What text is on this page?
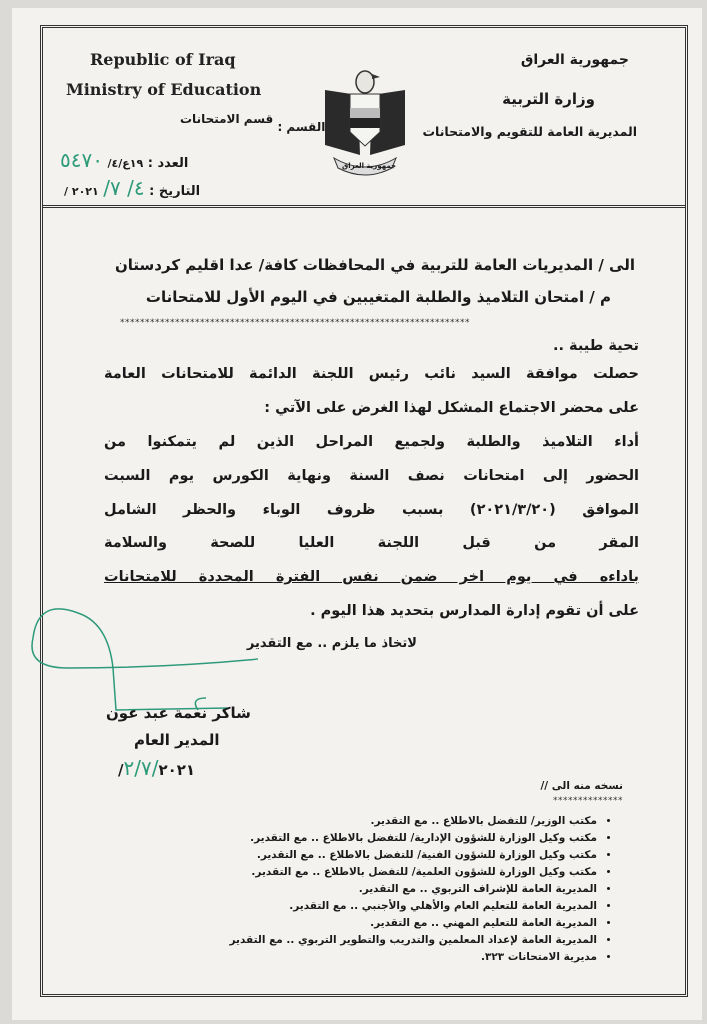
Republic of Iraq
Ministry of Education
جمهورية العراق
وزارة التربية
المديرية العامة للتقويم والامتحانات
جمهورية العراق
القسم : قسم الامتحانات
العدد : ١٩ع/٤/ ٥٤٧٠
التاريخ : ٤/ ٧/ ٢٠٢١ /
الى / المديريات العامة للتربية في المحافظات كافة/ عدا اقليم كردستان
م / امتحان التلاميذ والطلبة المتغيبين في اليوم الأول للامتحانات
**********************************************************************
تحية طيبة ..
حصلت موافقة السيد نائب رئيس اللجنة الدائمة للامتحانات العامة
على محضر الاجتماع المشكل لهذا الغرض على الآتي :
أداء التلاميذ والطلبة ولجميع المراحل الذين لم يتمكنوا من
الحضور إلى امتحانات نصف السنة ونهاية الكورس يوم السبت
الموافق (٢٠٢١/٣/٢٠) بسبب ظروف الوباء والحظر الشامل
المقر من قبل اللجنة العليا للصحة والسلامة
باداءه في يوم اخر ضمن نفس الفترة المحددة للامتحانات
على أن تقوم إدارة المدارس بتحديد هذا اليوم .
لاتخاذ ما يلزم .. مع التقدير
شاكر نعمة عبد عون
المدير العام
٢/٧/٢٠٢١/
نسخه منه الى //
**************
• مكتب الوزير/ للتفضل بالاطلاع .. مع التقدير.
• مكتب وكيل الوزارة للشؤون الإدارية/ للتفضل بالاطلاع .. مع التقدير.
• مكتب وكيل الوزارة للشؤون الفنية/ للتفضل بالاطلاع .. مع التقدير.
• مكتب وكيل الوزارة للشؤون العلمية/ للتفضل بالاطلاع .. مع التقدير.
• المديرية العامة للإشراف التربوي .. مع التقدير.
• المديرية العامة للتعليم العام والأهلي والأجنبي .. مع التقدير.
• المديرية العامة للتعليم المهني .. مع التقدير.
• المديرية العامة لإعداد المعلمين والتدريب والتطوير التربوي .. مع التقدير
• مديرية الامتحانات ٣٢٣.
